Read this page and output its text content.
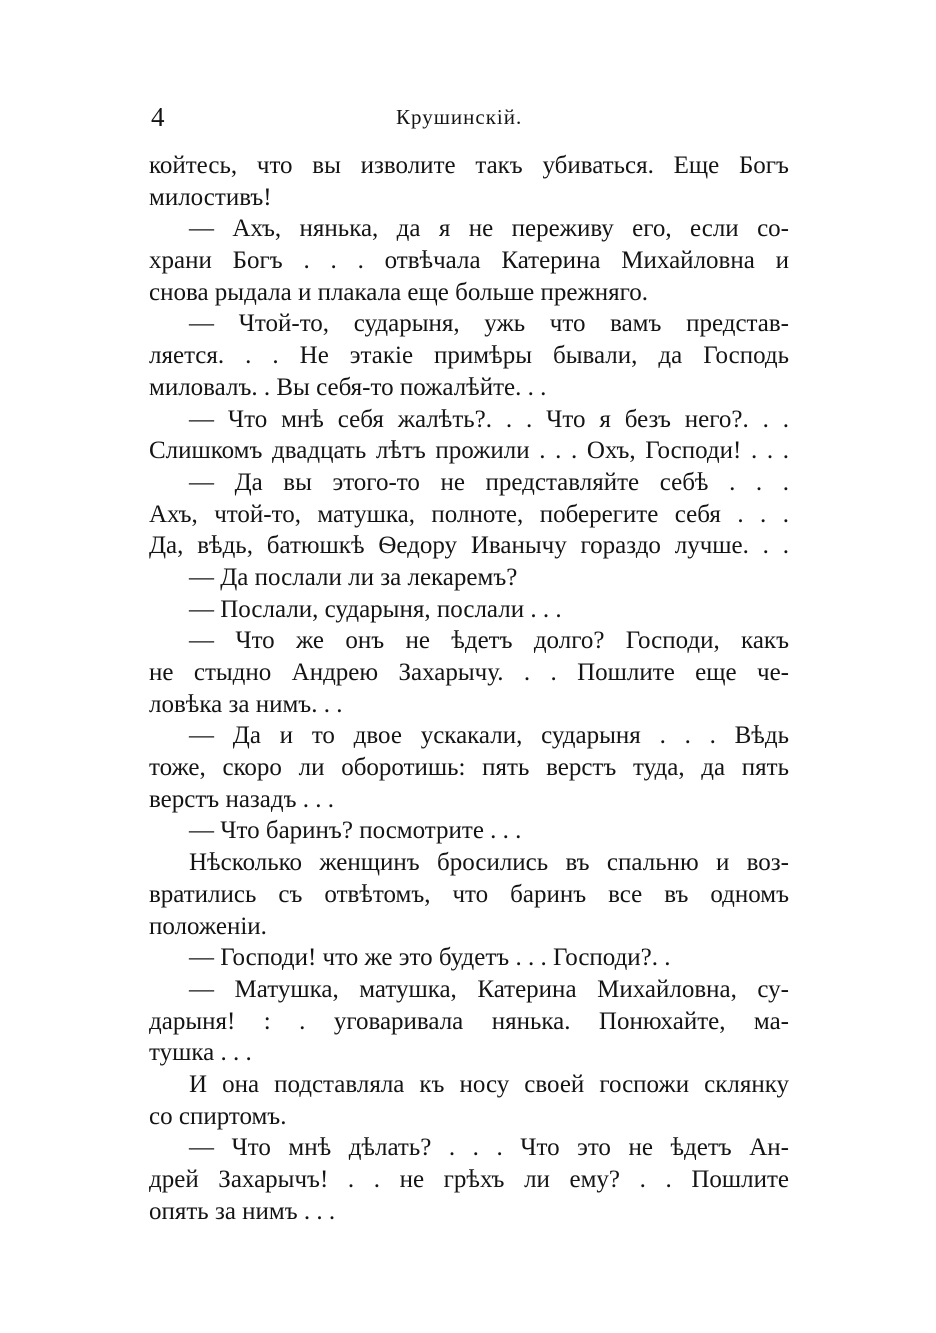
4	Крушинскій.
койтесь, что вы изволите такъ убиваться. Еще Богъ
милостивъ!
— Ахъ, нянька, да я не переживу его, если со-
храни Богъ . . . отвѣчала Катерина Михайловна и
снова рыдала и плакала еще больше прежняго.
— Чтой-то, сударыня, ужь что вамъ представ-
ляется. . . Не этакіе примѣры бывали, да Господь
миловалъ. . Вы себя-то пожалѣйте. . .
— Что мнѣ себя жалѣть?. . . Что я безъ него?. . .
Слишкомъ двадцать лѣтъ прожили . . . Охъ, Господи! . . .
— Да вы этого-то не представляйте себѣ . . .
Ахъ, чтой-то, матушка, полноте, поберегите себя . . .
Да, вѣдь, батюшкѣ Ѳедору Иванычу гораздо лучше. . .
— Да послали ли за лекаремъ?
— Послали, сударыня, послали . . .
— Что же онъ не ѣдетъ долго? Господи, какъ
не стыдно Андрею Захарычу. . . Пошлите еще че-
ловѣка за нимъ. . .
— Да и то двое ускакали, сударыня . . . Вѣдь
тоже, скоро ли оборотишь: пять верстъ туда, да пять
верстъ назадъ . . .
— Что баринъ? посмотрите . . .
Нѣсколько женщинъ бросились въ спальню и воз-
вратились съ отвѣтомъ, что баринъ все въ одномъ
положеніи.
— Господи! что же это будетъ . . . Господи?. .
— Матушка, матушка, Катерина Михайловна, су-
дарыня! : . уговаривала нянька. Понюхайте, ма-
тушка . . .
И она подставляла къ носу своей госпожи склянку
со спиртомъ.
— Что мнѣ дѣлать? . . . Что это не ѣдетъ Ан-
дрей Захарычъ! . . не грѣхъ ли ему? . . Пошлите
опять за нимъ . . .
